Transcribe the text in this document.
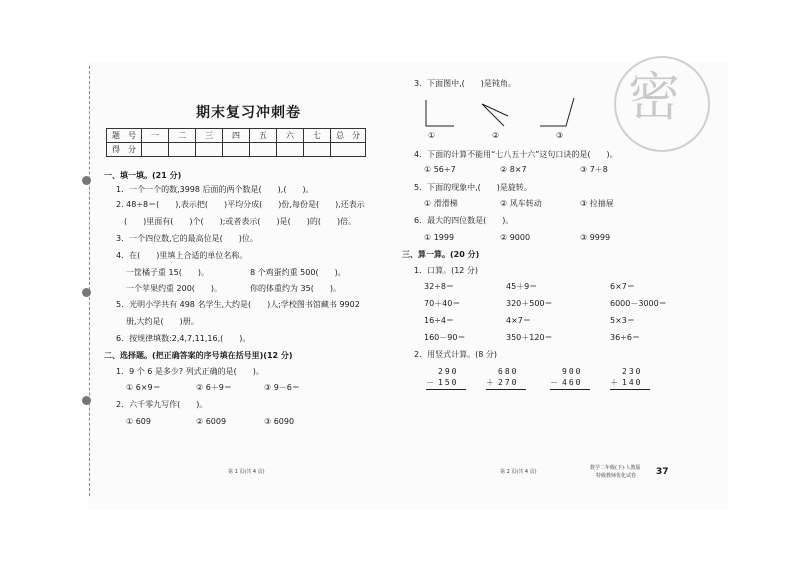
密
期末复习冲刺卷
题　号	一	二	三	四	五	六	七	总　分
得　分								
一、填一填。(21 分)
1．一个一个的数,3998 后面的两个数是(　　),(　　)。
2. 48÷8＝(　　),表示把(　　)平均分成(　　)份,每份是(　　),还表示
(　　)里面有(　　)个(　　);或者表示(　　)是(　　)的(　　)倍。
3．一个四位数,它的最高位是(　　)位。
4．在(　　)里填上合适的单位名称。
一筐橘子重 15(　　)。	8 个鸡蛋约重 500(　　)。
一个苹果约重 200(　　)。	你的体重约为 35(　　)。
5．光明小学共有 498 名学生,大约是(　　)人;学校图书馆藏书 9902
册,大约是(　　)册。
6．按规律填数:2,4,7,11,16,(　　)。
二、选择题。(把正确答案的序号填在括号里)(12 分)
1．9 个 6 是多少? 列式正确的是(　　)。
① 6×9＝	② 6＋9＝	③ 9－6＝
2．六千零九写作(　　)。
① 609	② 6009	③ 6090
第 1 页(共 4 页)
3．下面图中,(　　)是钝角。
①	②	③
4．下面的计算不能用“七八五十六”这句口诀的是(　　)。
① 56÷7	② 8×7	③ 7＋8
5．下面的现象中,(　　)是旋转。
① 滑滑梯	② 风车转动	③ 拉抽屉
6．最大的四位数是(　　)。
① 1999	② 9000	③ 9999
三、算一算。(20 分)
1．口算。(12 分)
32÷8＝	45＋9＝	6×7＝
70＋40＝	320＋500＝	6000－3000＝
16÷4＝	4×7＝	5×3＝
160－90＝	350＋120＝	36÷6＝
2．用竖式计算。(8 分)
290
－ 150
680
＋ 270
900
－ 460
230
＋ 140
第 2 页(共 4 页)
数学二年级(下)·人教版
特级教师优化试卷 37
